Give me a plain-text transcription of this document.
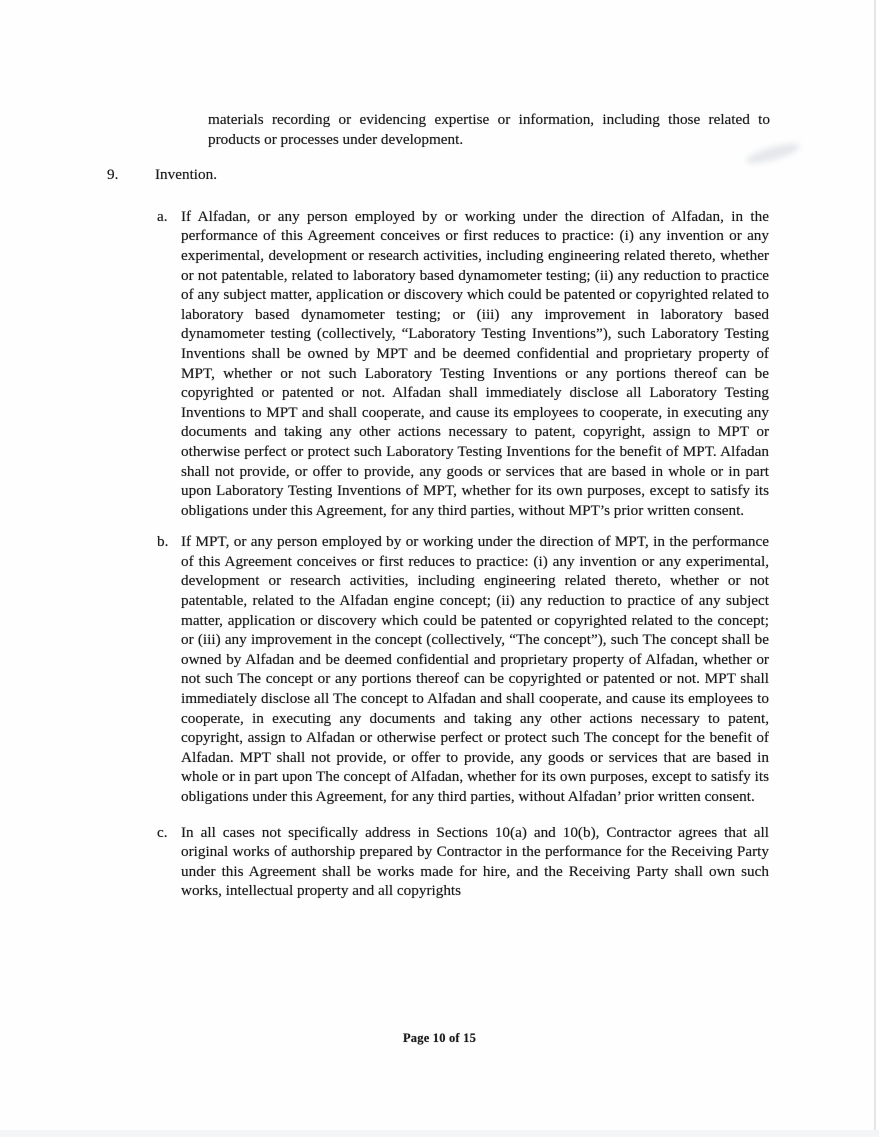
materials recording or evidencing expertise or information, including those related to products or processes under development.

9. Invention.
a. If Alfadan, or any person employed by or working under the direction of Alfadan, in the performance of this Agreement conceives or first reduces to practice: (i) any invention or any experimental, development or research activities, including engineering related thereto, whether or not patentable, related to laboratory based dynamometer testing; (ii) any reduction to practice of any subject matter, application or discovery which could be patented or copyrighted related to laboratory based dynamometer testing; or (iii) any improvement in laboratory based dynamometer testing (collectively, “Laboratory Testing Inventions”), such Laboratory Testing Inventions shall be owned by MPT and be deemed confidential and proprietary property of MPT, whether or not such Laboratory Testing Inventions or any portions thereof can be copyrighted or patented or not. Alfadan shall immediately disclose all Laboratory Testing Inventions to MPT and shall cooperate, and cause its employees to cooperate, in executing any documents and taking any other actions necessary to patent, copyright, assign to MPT or otherwise perfect or protect such Laboratory Testing Inventions for the benefit of MPT. Alfadan shall not provide, or offer to provide, any goods or services that are based in whole or in part upon Laboratory Testing Inventions of MPT, whether for its own purposes, except to satisfy its obligations under this Agreement, for any third parties, without MPT’s prior written consent.
b. If MPT, or any person employed by or working under the direction of MPT, in the performance of this Agreement conceives or first reduces to practice: (i) any invention or any experimental, development or research activities, including engineering related thereto, whether or not patentable, related to the Alfadan engine concept; (ii) any reduction to practice of any subject matter, application or discovery which could be patented or copyrighted related to the concept; or (iii) any improvement in the concept (collectively, “The concept”), such The concept shall be owned by Alfadan and be deemed confidential and proprietary property of Alfadan, whether or not such The concept or any portions thereof can be copyrighted or patented or not. MPT shall immediately disclose all The concept to Alfadan and shall cooperate, and cause its employees to cooperate, in executing any documents and taking any other actions necessary to patent, copyright, assign to Alfadan or otherwise perfect or protect such The concept for the benefit of Alfadan. MPT shall not provide, or offer to provide, any goods or services that are based in whole or in part upon The concept of Alfadan, whether for its own purposes, except to satisfy its obligations under this Agreement, for any third parties, without Alfadan’ prior written consent.
c. In all cases not specifically address in Sections 10(a) and 10(b), Contractor agrees that all original works of authorship prepared by Contractor in the performance for the Receiving Party under this Agreement shall be works made for hire, and the Receiving Party shall own such works, intellectual property and all copyrights
Page 10 of 15
